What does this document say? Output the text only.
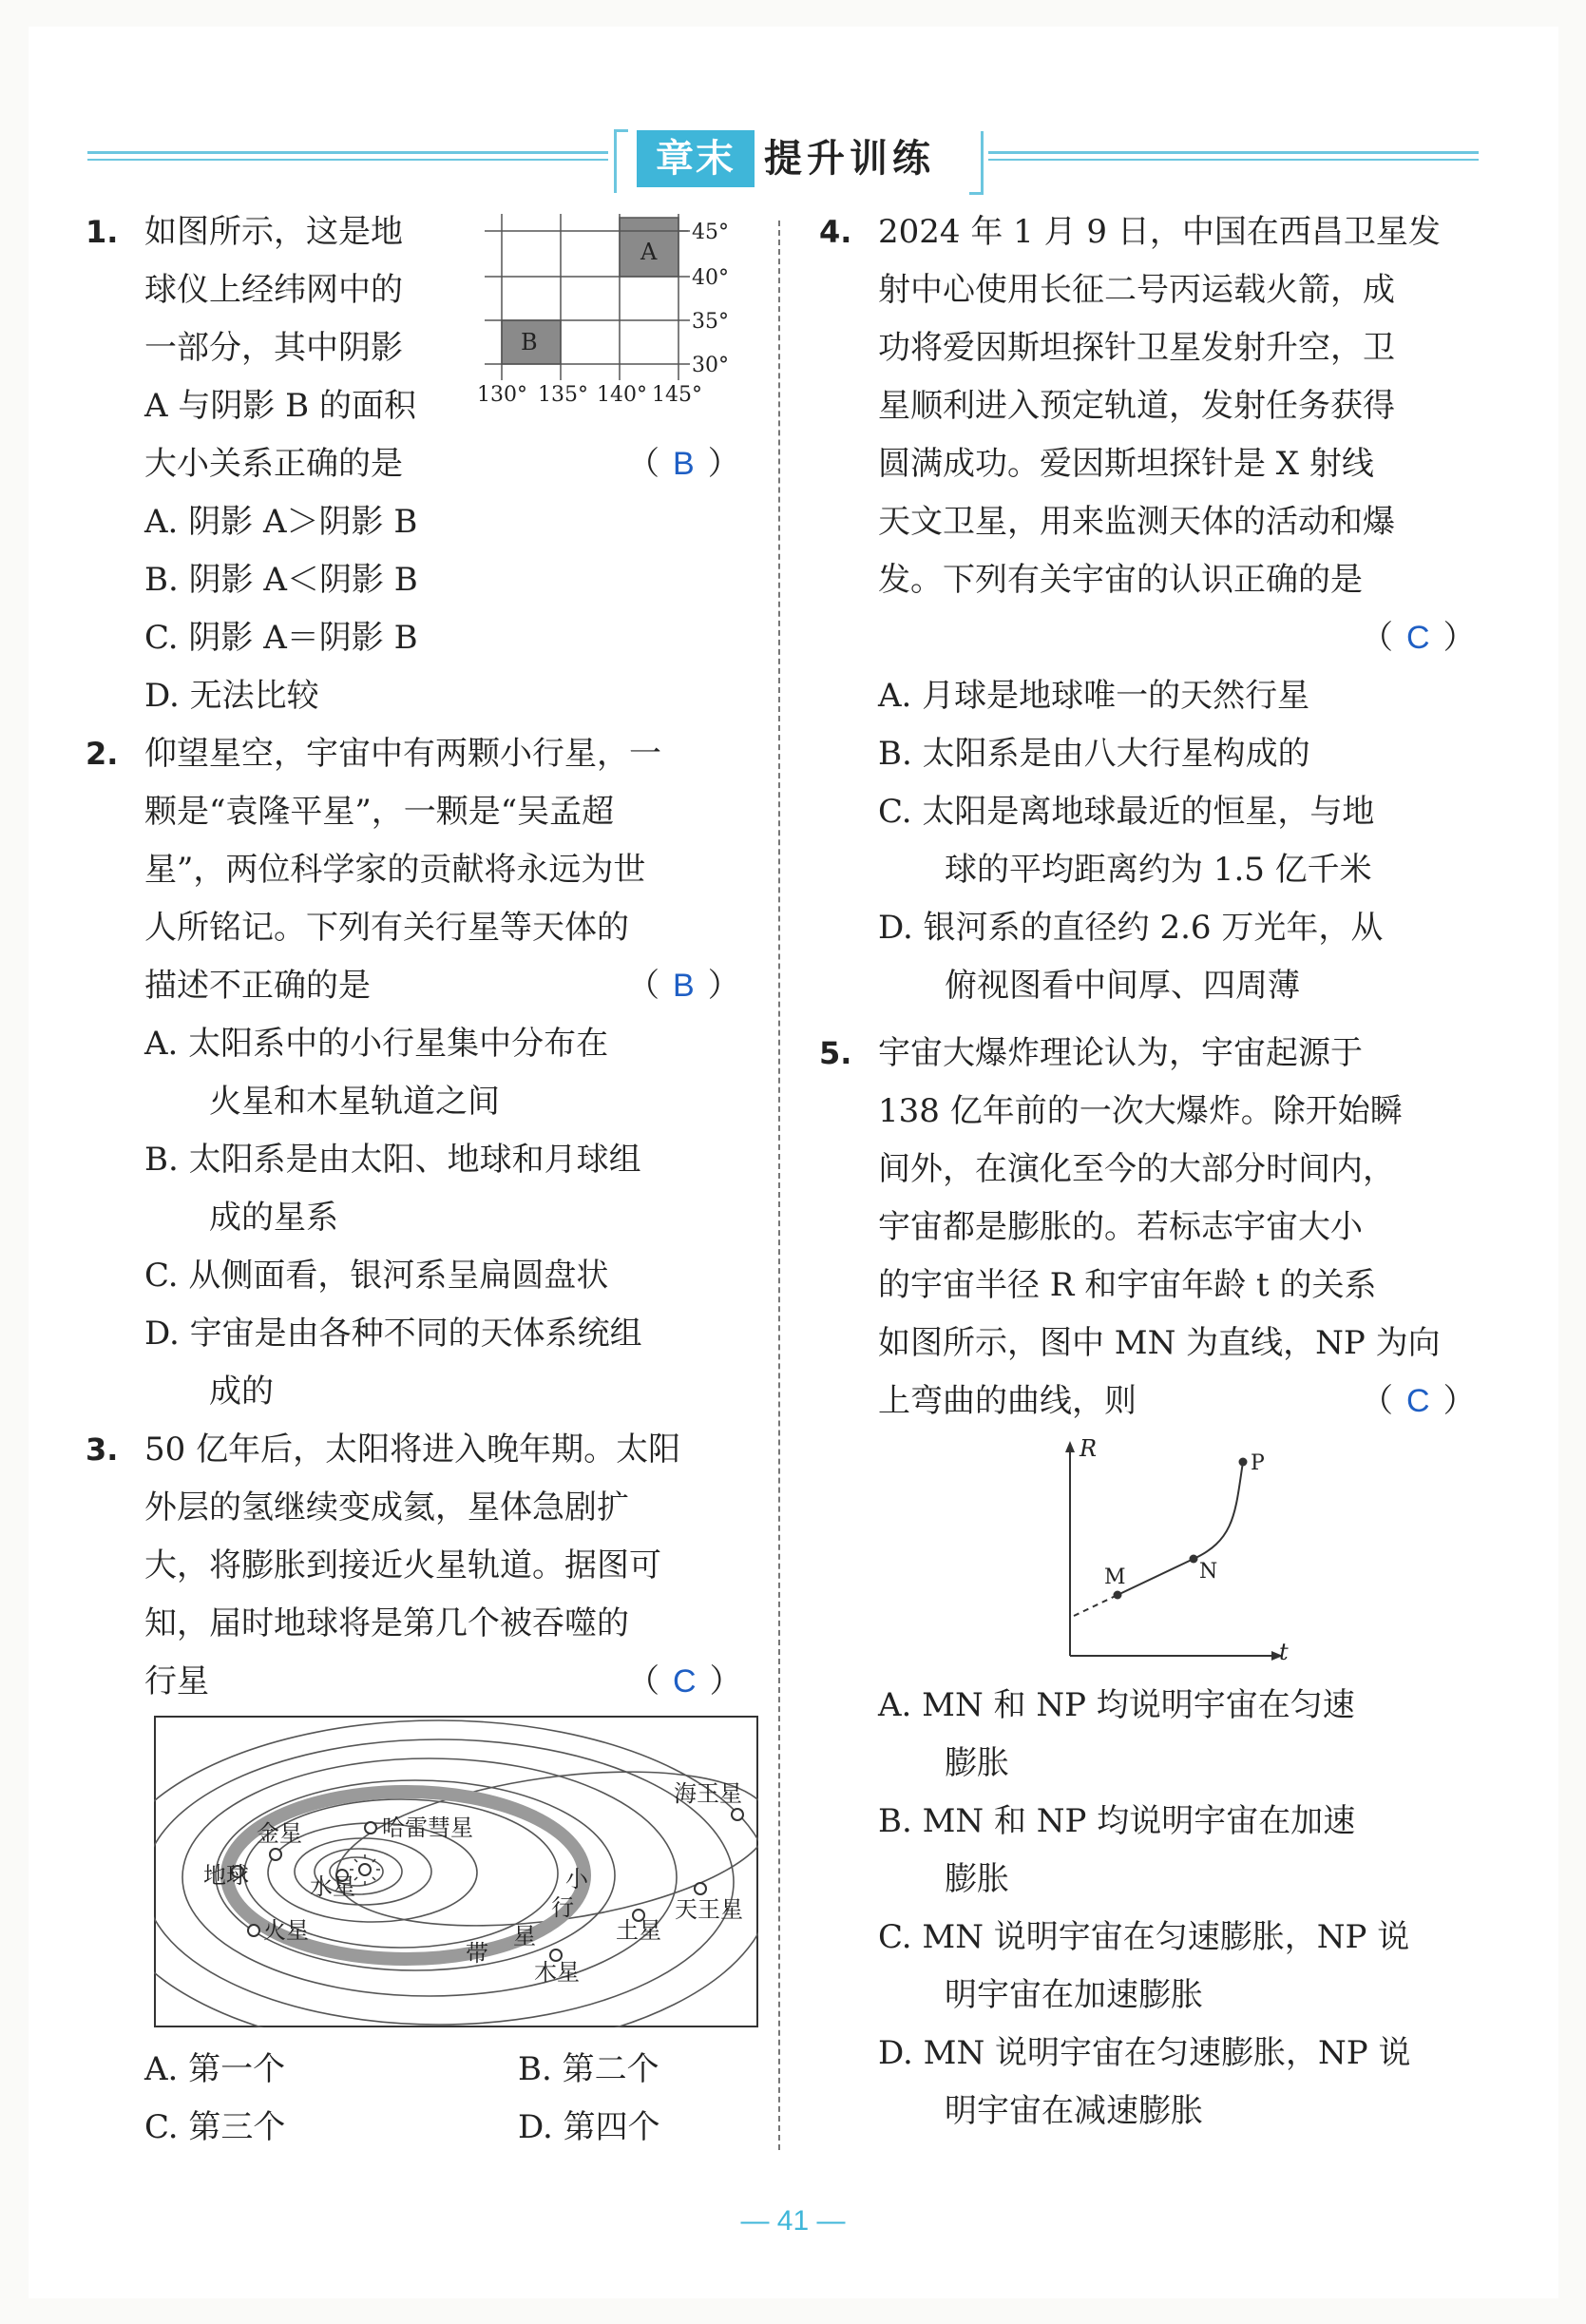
章末 提升训练
1. 如图所示，这是地
球仪上经纬网中的
一部分，其中阴影
A 与阴影 B 的面积
大小关系正确的是	（ B ）
A
B
45°
40°
35°
30°
130° 135° 140° 145°
A. 阴影 A＞阴影 B
B. 阴影 A＜阴影 B
C. 阴影 A＝阴影 B
D. 无法比较
2. 仰望星空，宇宙中有两颗小行星，一
颗是“袁隆平星”，一颗是“吴孟超
星”，两位科学家的贡献将永远为世
人所铭记。下列有关行星等天体的
描述不正确的是	（ B ）
A. 太阳系中的小行星集中分布在
火星和木星轨道之间
B. 太阳系是由太阳、地球和月球组
成的星系
C. 从侧面看，银河系呈扁圆盘状
D. 宇宙是由各种不同的天体系统组
成的
3. 50 亿年后，太阳将进入晚年期。太阳
外层的氢继续变成氦，星体急剧扩
大，将膨胀到接近火星轨道。据图可
知，届时地球将是第几个被吞噬的
行星	（ C ）
地球
金星
水星
火星
哈雷彗星
海王星
天王星
土星
木星
小
行
星
带
A. 第一个	B. 第二个
C. 第三个	D. 第四个
4. 2024 年 1 月 9 日，中国在西昌卫星发
射中心使用长征二号丙运载火箭，成
功将爱因斯坦探针卫星发射升空，卫
星顺利进入预定轨道，发射任务获得
圆满成功。爱因斯坦探针是 X 射线
天文卫星，用来监测天体的活动和爆
发。下列有关宇宙的认识正确的是
（ C ）
A. 月球是地球唯一的天然行星
B. 太阳系是由八大行星构成的
C. 太阳是离地球最近的恒星，与地
球的平均距离约为 1.5 亿千米
D. 银河系的直径约 2.6 万光年，从
俯视图看中间厚、四周薄
5. 宇宙大爆炸理论认为，宇宙起源于
138 亿年前的一次大爆炸。除开始瞬
间外，在演化至今的大部分时间内，
宇宙都是膨胀的。若标志宇宙大小
的宇宙半径 R 和宇宙年龄 t 的关系
如图所示，图中 MN 为直线，NP 为向
上弯曲的曲线，则	（ C ）
R
t
M	N
P
A. MN 和 NP 均说明宇宙在匀速
膨胀
B. MN 和 NP 均说明宇宙在加速
膨胀
C. MN 说明宇宙在匀速膨胀，NP 说
明宇宙在加速膨胀
D. MN 说明宇宙在匀速膨胀，NP 说
明宇宙在减速膨胀
— 41 —
